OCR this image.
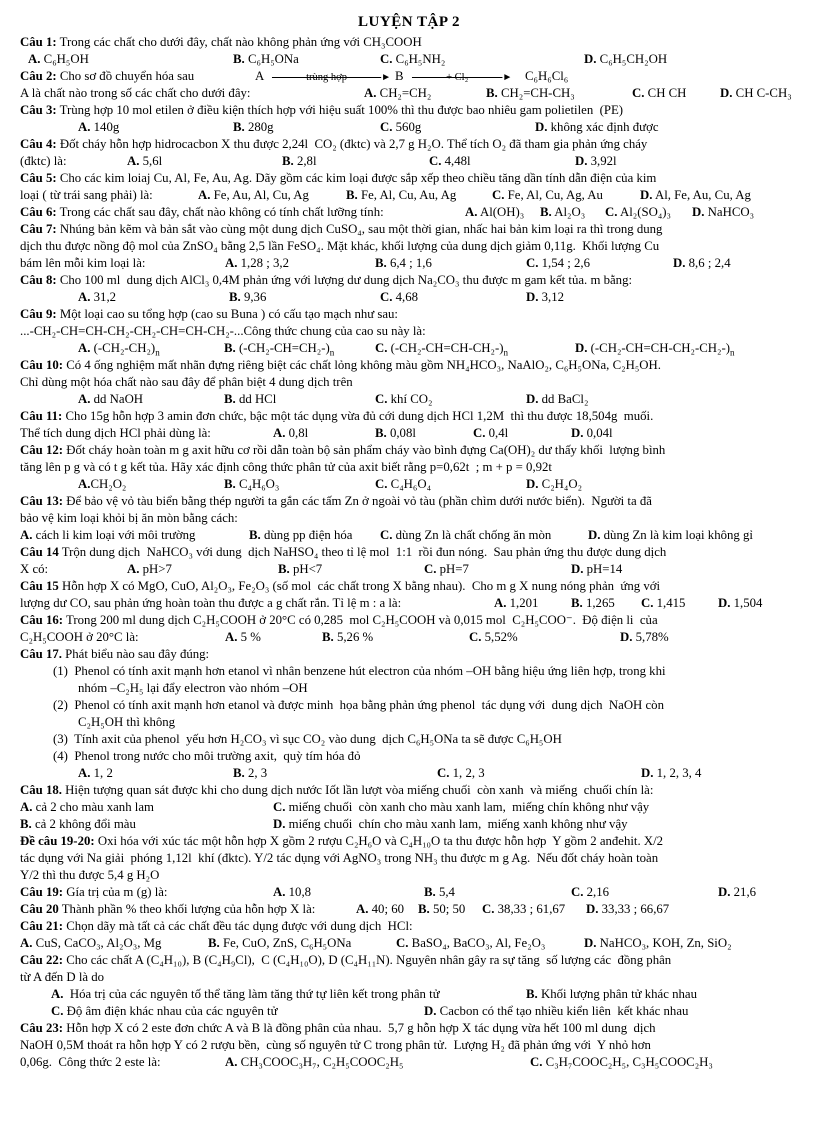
LUYỆN TẬP 2
Câu 1: Trong các chất cho dưới đây, chất nào không phản ứng với CH₃COOH
A. C₆H₅OH	B. C₆H₅ONa	C. C₆H₅NH₂	D. C₆H₅CH₂OH
Câu 2: Cho sơ đồ chuyển hóa sau	A ——— trùng hợp ———► B ——— + Cl₂ ———► C₆H₆Cl₆
A là chất nào trong số các chất cho dưới đây:	A. CH₂=CH₂	B. CH₂=CH-CH₃	C. CH CH	D. CH C-CH₃
Câu 3: Trùng hợp 10 mol etilen ở điều kiện thích hợp với hiệu suất 100% thì thu được bao nhiêu gam polietilen  (PE)
A. 140g	B. 280g	C. 560g	D. không xác định được
Câu 4: Đốt cháy hỗn hợp hidrocacbon X thu được 2,24l  CO₂ (đktc) và 2,7 g H₂O. Thể tích O₂ đã tham gia phản ứng cháy
(đktc) là:	A. 5,6l	B. 2,8l	C. 4,48l	D. 3,92l
Câu 5: Cho các kim loiaj Cu, Al, Fe, Au, Ag. Dãy gồm các kim loại được sắp xếp theo chiều tăng dần tính dẫn điện của kim
loại ( từ trái sang phải) là:	A. Fe, Au, Al, Cu, Ag	B. Fe, Al, Cu, Au, Ag	C. Fe, Al, Cu, Ag, Au	D. Al, Fe, Au, Cu, Ag
Câu 6: Trong các chất sau đây, chất nào không có tính chất lưỡng tính:	A. Al(OH)₃ B. Al₂O₃ C. Al₂(SO₄)₃ D. NaHCO₃
Câu 7: Nhúng bản kẽm và bản sắt vào cùng một dung dịch CuSO₄, sau một thời gian, nhấc hai bản kim loại ra thì trong dung
dịch thu được nồng độ mol của ZnSO₄ bằng 2,5 lần FeSO₄. Mặt khác, khối lượng của dung dịch giảm 0,11g.  Khối lượng Cu
bám lên mỗi kim loại là:	A. 1,28 ; 3,2	B. 6,4 ; 1,6	C. 1,54 ; 2,6	D. 8,6 ; 2,4
Câu 8: Cho 100 ml  dung dịch AlCl₃ 0,4M phản ứng với lượng dư dung dịch Na₂CO₃ thu được m gam kết tủa. m bằng:
A. 31,2	B. 9,36	C. 4,68	D. 3,12
Câu 9: Một loại cao su tổng hợp (cao su Buna ) có cấu tạo mạch như sau:
...-CH₂-CH=CH-CH₂-CH₂-CH=CH-CH₂-...Công thức chung của cao su này là:
A. $(-CH_2-CH_2)_n$	B. $(-CH_2-CH=CH_2-)_n$	C. $(-CH_2-CH=CH-CH_2-)_n$	D. $(-CH_2-CH=CH-CH_2-CH_2-)_n$
Câu 10: Có 4 ống nghiệm mất nhãn đựng riêng biệt các chất lỏng không màu gồm NH₄HCO₃, NaAlO₂, C₆H₅ONa, C₂H₅OH.
Chỉ dùng một hóa chất nào sau đây để phân biệt 4 dung dịch trên
A. dd NaOH	B. dd HCl	C. khí CO₂	D. dd BaCl₂
Câu 11: Cho 15g hỗn hợp 3 amin đơn chức, bậc một tác dụng vừa đủ cới dung dịch HCl 1,2M  thì thu được 18,504g  muối.
Thể tích dung dịch HCl phải dùng là:	A. 0,8l	B. 0,08l	C. 0,4l	D. 0,04l
Câu 12: Đốt cháy hoàn toàn m g axit hữu cơ rồi dẫn toàn bộ sản phẩm cháy vào bình đựng Ca(OH)₂ dư thấy khối  lượng bình
tăng lên p g và có t g kết tủa. Hãy xác định công thức phân tử của axit biết rằng p=0,62t  ; m + p = 0,92t
A.CH₂O₂	B. C₄H₆O₃	C. C₄H₆O₄	D. C₂H₄O₂
Câu 13: Để bảo vệ vỏ tàu biển bằng thép người ta gắn các tấm Zn ở ngoài vỏ tàu (phần chìm dưới nước biển).  Người ta đã
bảo vệ kim loại khỏi bị ăn mòn bằng cách:
A. cách li kim loại với môi trường	B. dùng pp điện hóa C. dùng Zn là chất chống ăn mòn	D. dùng Zn là kim loại không gỉ
Câu 14 Trộn dung dịch  NaHCO₃ với dung  dịch NaHSO₄ theo tỉ lệ mol  1:1  rồi đun nóng.  Sau phản ứng thu được dung dịch
X có:	A. pH>7	B. pH<7	C. pH=7	D. pH=14
Câu 15 Hỗn hợp X có MgO, CuO, Al₂O₃, Fe₂O₃ (số mol  các chất trong X bằng nhau).  Cho m g X nung nóng phản  ứng với
lượng dư CO, sau phản ứng hoàn toàn thu được a g chất rắn. Tỉ lệ m : a là:	A. 1,201	B. 1,265 C. 1,415	D. 1,504
Câu 16: Trong 200 ml dung dịch C₂H₅COOH ở 20°C có 0,285  mol C₂H₅COOH và 0,015 mol  C₂H₅COO⁻.  Độ điện li  của
C₂H₅COOH ở 20°C là:	A. 5 %	B. 5,26 %	C. 5,52%	D. 5,78%
Câu 17. Phát biểu nào sau đây đúng:
(1)  Phenol có tính axit mạnh hơn etanol vì nhân benzene hút electron của nhóm –OH bằng hiệu ứng liên hợp, trong khi
nhóm –C₂H₅ lại đẩy electron vào nhóm –OH
(2)  Phenol có tính axit mạnh hơn etanol và được minh  họa bằng phản ứng phenol  tác dụng với  dung dịch  NaOH còn
C₂H₅OH thì không
(3)  Tính axit của phenol  yếu hơn H₂CO₃ vì sục CO₂ vào dung  dịch C₆H₅ONa ta sẽ được C₆H₅OH
(4)  Phenol trong nước cho môi trường axit,  quỳ tím hóa đỏ
A. 1, 2	B. 2, 3	C. 1, 2, 3	D. 1, 2, 3, 4
Câu 18. Hiện tượng quan sát được khi cho dung dịch nước Iốt lần lượt vòa miếng chuối  còn xanh  và miếng  chuối chín là:
A. cả 2 cho màu xanh lam	C. miếng chuối  còn xanh cho màu xanh lam,  miếng chín không như vậy
B. cả 2 không đổi màu	D. miếng chuối  chín cho màu xanh lam,  miếng xanh không như vậy
Đề câu 19-20: Oxi hóa với xúc tác một hỗn hợp X gồm 2 rượu C₂H₆O và C₄H₁₀O ta thu được hỗn hợp  Y gồm 2 anđehit. X/2
tác dụng với Na giải  phóng 1,12l  khí (đktc). Y/2 tác dụng với AgNO₃ trong NH₃ thu được m g Ag.  Nếu đốt cháy hoàn toàn
Y/2 thì thu được 5,4 g H₂O
Câu 19: Gía trị của m (g) là:	A. 10,8	B. 5,4	C. 2,16	D. 21,6
Câu 20 Thành phần % theo khối lượng của hỗn hợp X là:	A. 40; 60 B. 50; 50 C. 38,33 ; 61,67 D. 33,33 ; 66,67
Câu 21: Chọn dãy mà tất cả các chất đều tác dụng được với dung dịch  HCl:
A. CuS, CaCO₃, Al₂O₃, Mg	B. Fe, CuO, ZnS, C₆H₅ONa	C. BaSO₄, BaCO₃, Al, Fe₂O₃	D. NaHCO₃, KOH, Zn, SiO₂
Câu 22: Cho các chất A (C₄H₁₀), B (C₄H₉Cl),  C (C₄H₁₀O), D (C₄H₁₁N). Nguyên nhân gây ra sự tăng  số lượng các  đồng phân
từ A đến D là do
A.  Hóa trị của các nguyên tố thể tăng làm tăng thứ tự liên kết trong phân tử	B. Khối lượng phân tử khác nhau
C. Độ âm điện khác nhau của các nguyên tử	D. Cacbon có thể tạo nhiều kiển liên  kết khác nhau
Câu 23: Hỗn hợp X có 2 este đơn chức A và B là đồng phân của nhau.  5,7 g hỗn hợp X tác dụng vừa hết 100 ml dung  dịch
NaOH 0,5M thoát ra hỗn hợp Y có 2 rượu bền,  cùng số nguyên tử C trong phân tử.  Lượng H₂ đã phản ứng với  Y nhỏ hơn
0,06g.  Công thức 2 este là:	A. CH₃COOC₃H₇, C₂H₅COOC₂H₅	C. C₃H₇COOC₂H₅, C₃H₅COOC₂H₃
